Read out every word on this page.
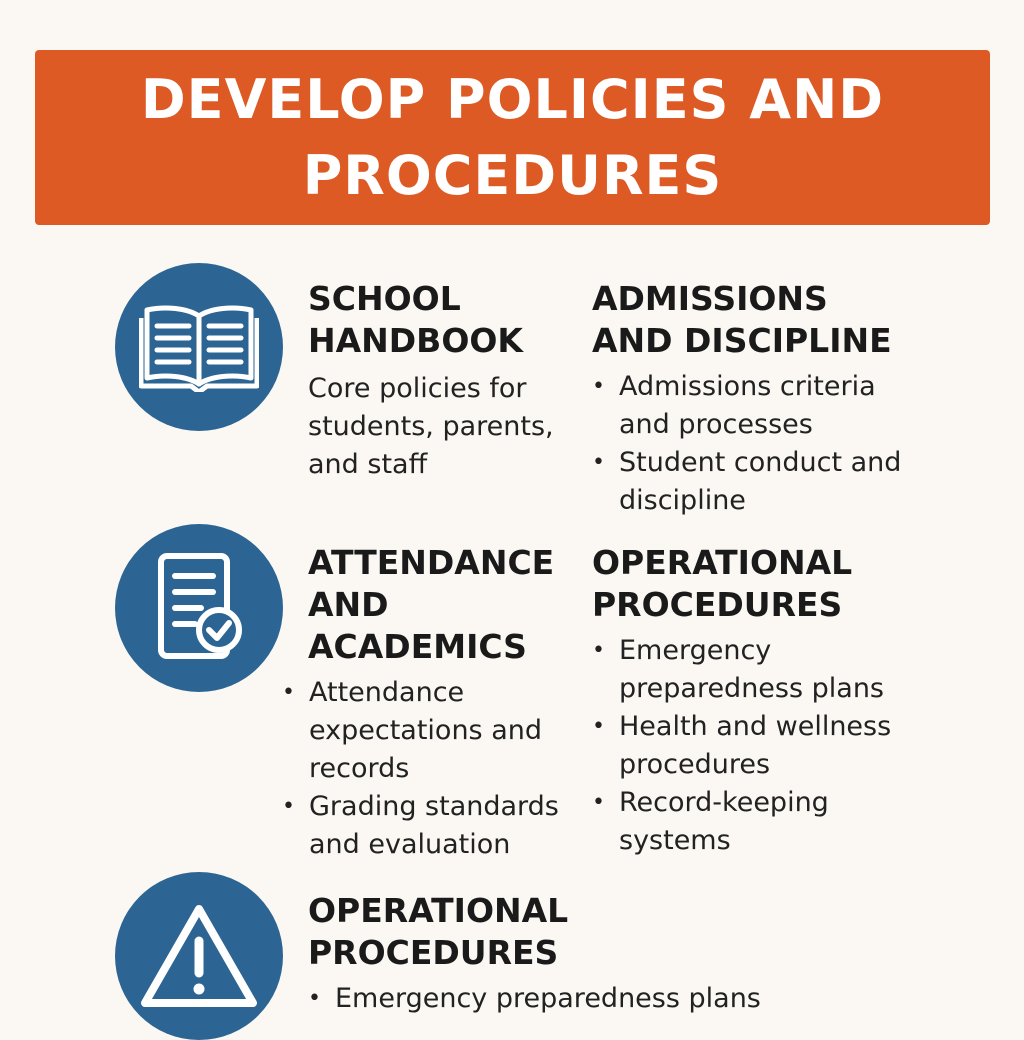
DEVELOP POLICIES AND PROCEDURES
SCHOOL HANDBOOK
Core policies for students, parents, and staff
ADMISSIONS AND DISCIPLINE
• Admissions criteria and processes
• Student conduct and discipline
ATTENDANCE AND ACADEMICS
• Attendance expectations and records
• Grading standards and evaluation
OPERATIONAL PROCEDURES
• Emergency preparedness plans
• Health and wellness procedures
• Record-keeping systems
OPERATIONAL PROCEDURES
• Emergency preparedness plans
